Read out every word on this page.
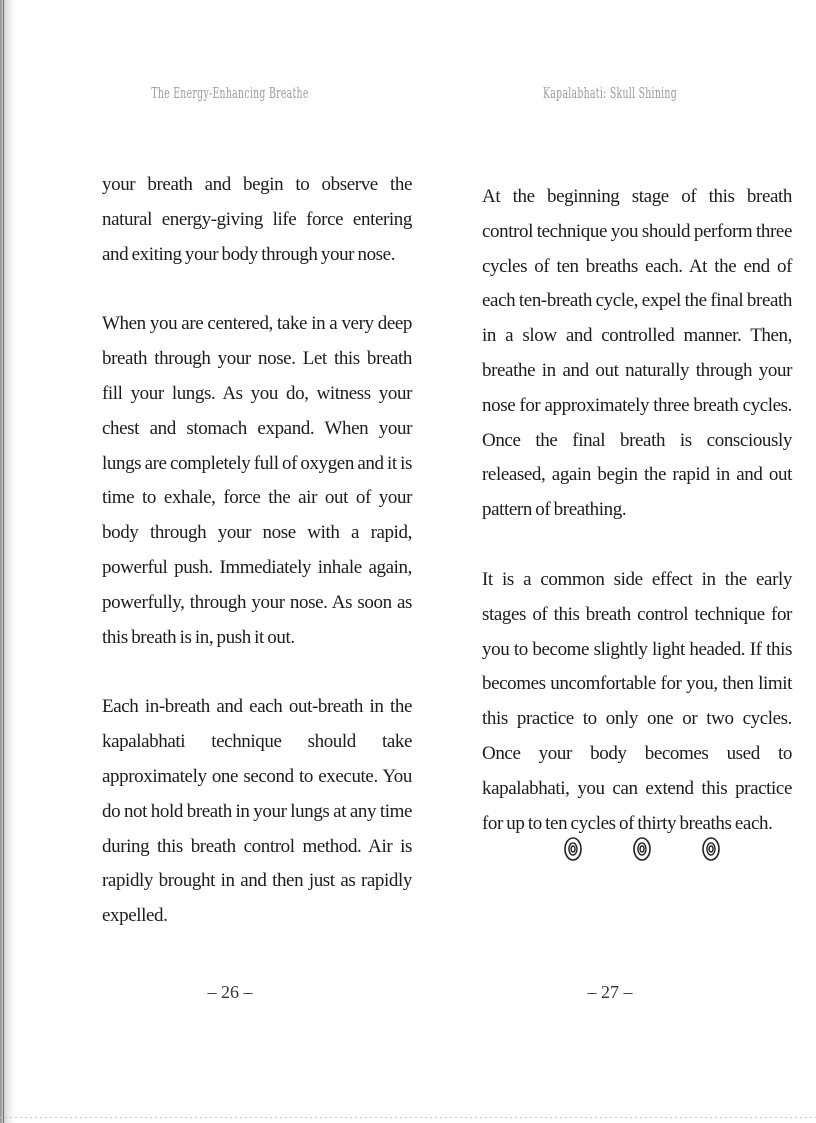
The Energy-Enhancing Breathe

your breath and begin to observe the natural energy-giving life force entering and exiting your body through your nose.

When you are centered, take in a very deep breath through your nose. Let this breath fill your lungs. As you do, witness your chest and stomach expand. When your lungs are completely full of oxygen and it is time to exhale, force the air out of your body through your nose with a rapid, powerful push. Immediately inhale again, powerfully, through your nose. As soon as this breath is in, push it out.

Each in-breath and each out-breath in the kapalabhati technique should take approximately one second to execute. You do not hold breath in your lungs at any time during this breath control method. Air is rapidly brought in and then just as rapidly expelled.

– 26 –
Kapalabhati: Skull Shining

At the beginning stage of this breath control technique you should perform three cycles of ten breaths each. At the end of each ten-breath cycle, expel the final breath in a slow and controlled manner. Then, breathe in and out naturally through your nose for approximately three breath cycles. Once the final breath is consciously released, again begin the rapid in and out pattern of breathing.

It is a common side effect in the early stages of this breath control technique for you to become slightly light headed. If this becomes uncomfortable for you, then limit this practice to only one or two cycles. Once your body becomes used to kapalabhati, you can extend this practice for up to ten cycles of thirty breaths each.

– 27 –
